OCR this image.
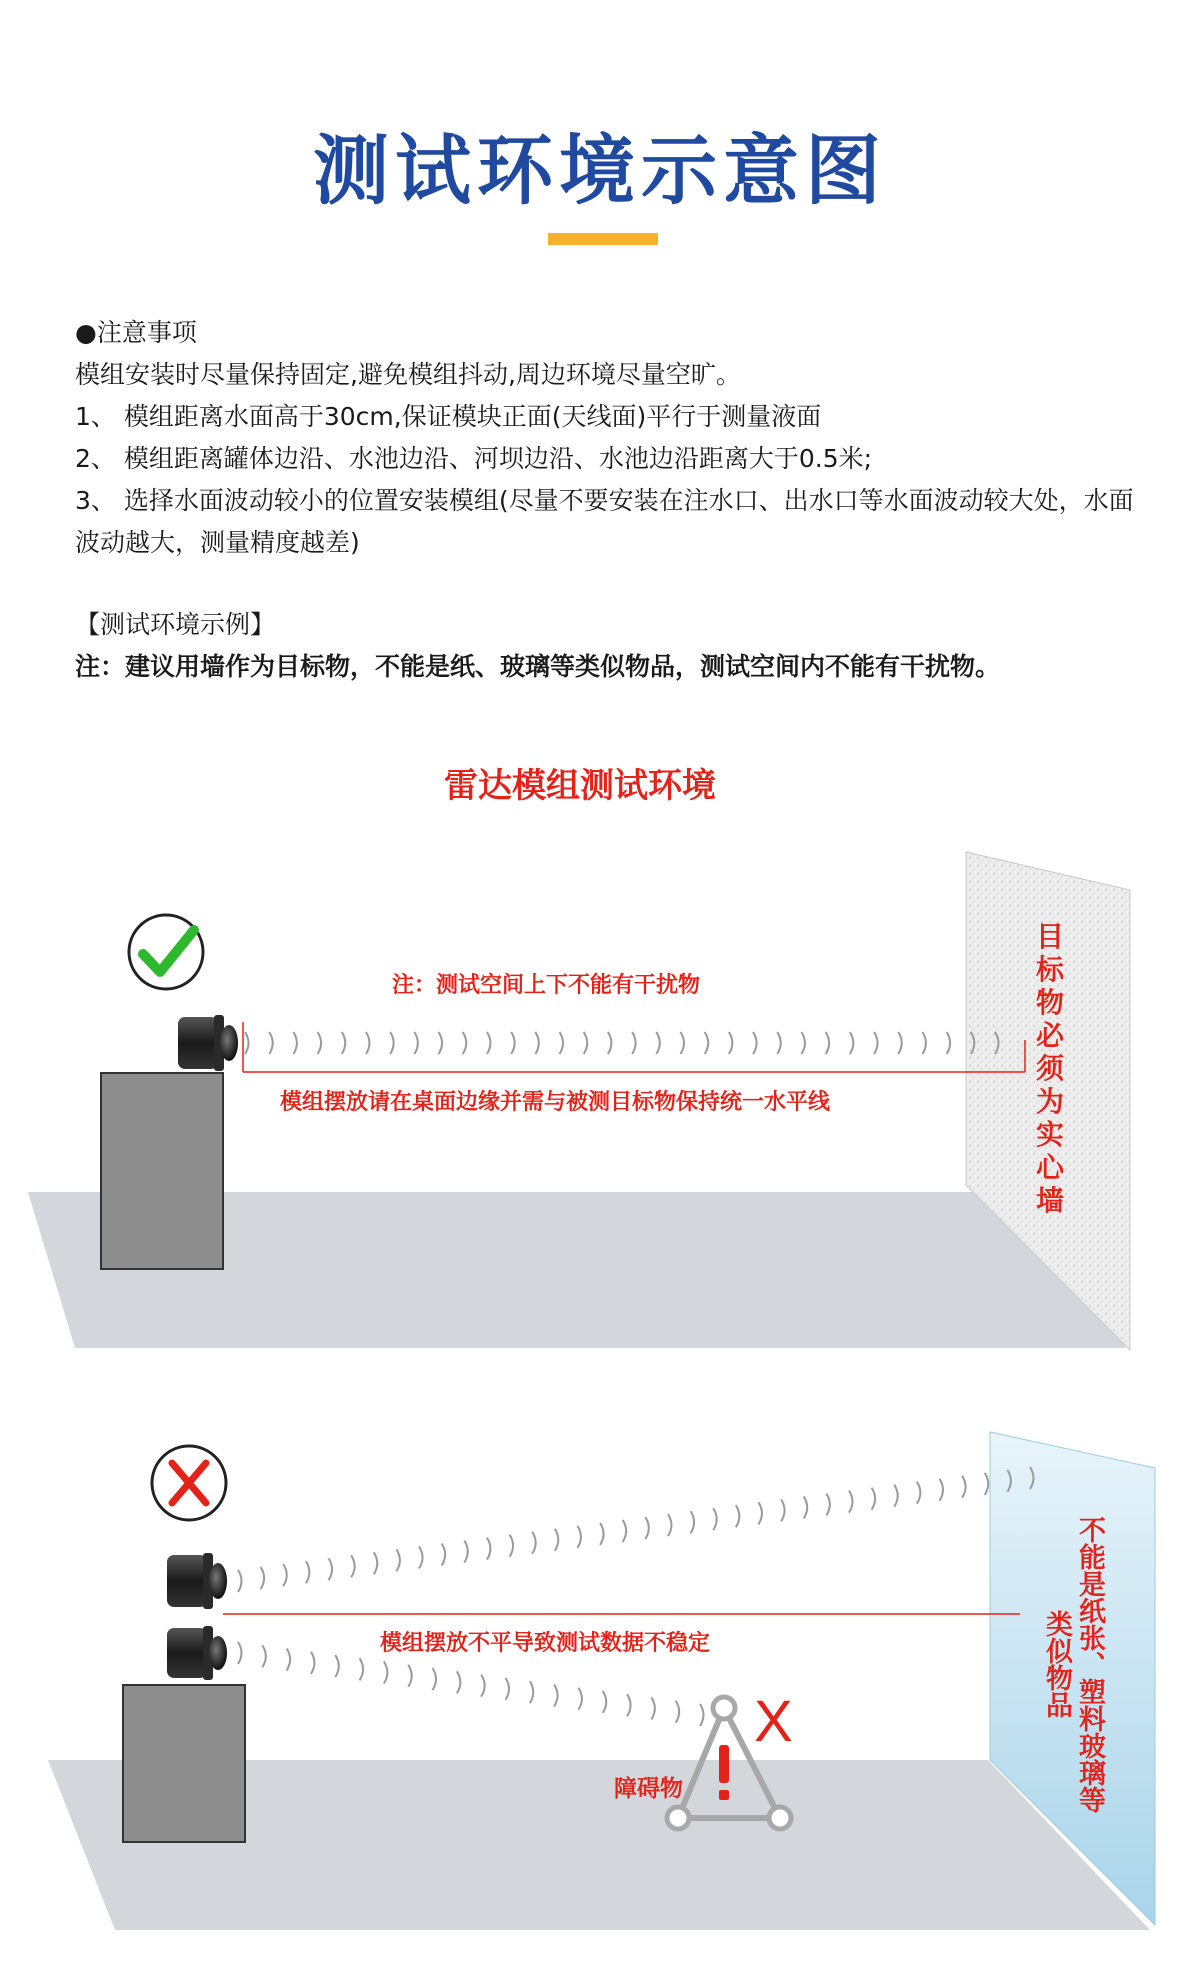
测试环境示意图
●注意事项
模组安装时尽量保持固定,避免模组抖动,周边环境尽量空旷。
1、 模组距离水面高于30cm,保证模块正面(天线面)平行于测量液面
2、 模组距离罐体边沿、水池边沿、河坝边沿、水池边沿距离大于0.5米;
3、 选择水面波动较小的位置安装模组(尽量不要安装在注水口、出水口等水面波动较大处，水面波动越大，测量精度越差)
【测试环境示例】
注：建议用墙作为目标物，不能是纸、玻璃等类似物品，测试空间内不能有干扰物。
雷达模组测试环境
注：测试空间上下不能有干扰物
模组摆放请在桌面边缘并需与被测目标物保持统一水平线
目标物必须为实心墙
模组摆放不平导致测试数据不稳定
障碍物
X	不能是纸张、塑料玻璃等类似物品
